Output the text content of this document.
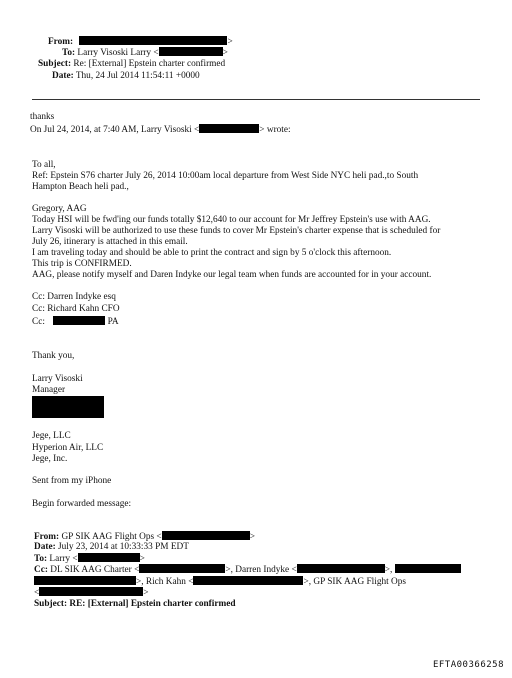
From:	>
To: Larry Visoski Larry <	>
Subject: Re: [External] Epstein charter confirmed
Date: Thu, 24 Jul 2014 11:54:11 +0000
thanks
On Jul 24, 2014, at 7:40 AM, Larry Visoski <	> wrote:
To all,
Ref: Epstein S76 charter July 26, 2014 10:00am local departure from West Side NYC heli pad.,to South
Hampton Beach heli pad.,
Gregory, AAG
Today HSI will be fwd'ing our funds totally $12,640 to our account for Mr Jeffrey Epstein's use with AAG.
Larry Visoski will be authorized to use these funds to cover Mr Epstein's charter expense that is scheduled for
July 26, itinerary is attached in this email.
I am traveling today and should be able to print the contract and sign by 5 o'clock this afternoon.
This trip is CONFIRMED.
AAG, please notify myself and Daren Indyke our legal team when funds are accounted for in your account.
Cc: Darren Indyke esq
Cc: Richard Kahn CFO
Cc:	PA
Thank you,
Larry Visoski
Manager
Jege, LLC
Hyperion Air, LLC
Jege, Inc.
Sent from my iPhone
Begin forwarded message:
From: GP SIK AAG Flight Ops <	>
Date: July 23, 2014 at 10:33:33 PM EDT
To: Larry <	>
Cc: DL SIK AAG Charter <	>, Darren Indyke <	>,
>, Rich Kahn <	>, GP SIK AAG Flight Ops
<	>
Subject: RE: [External] Epstein charter confirmed
EFTA00366258
